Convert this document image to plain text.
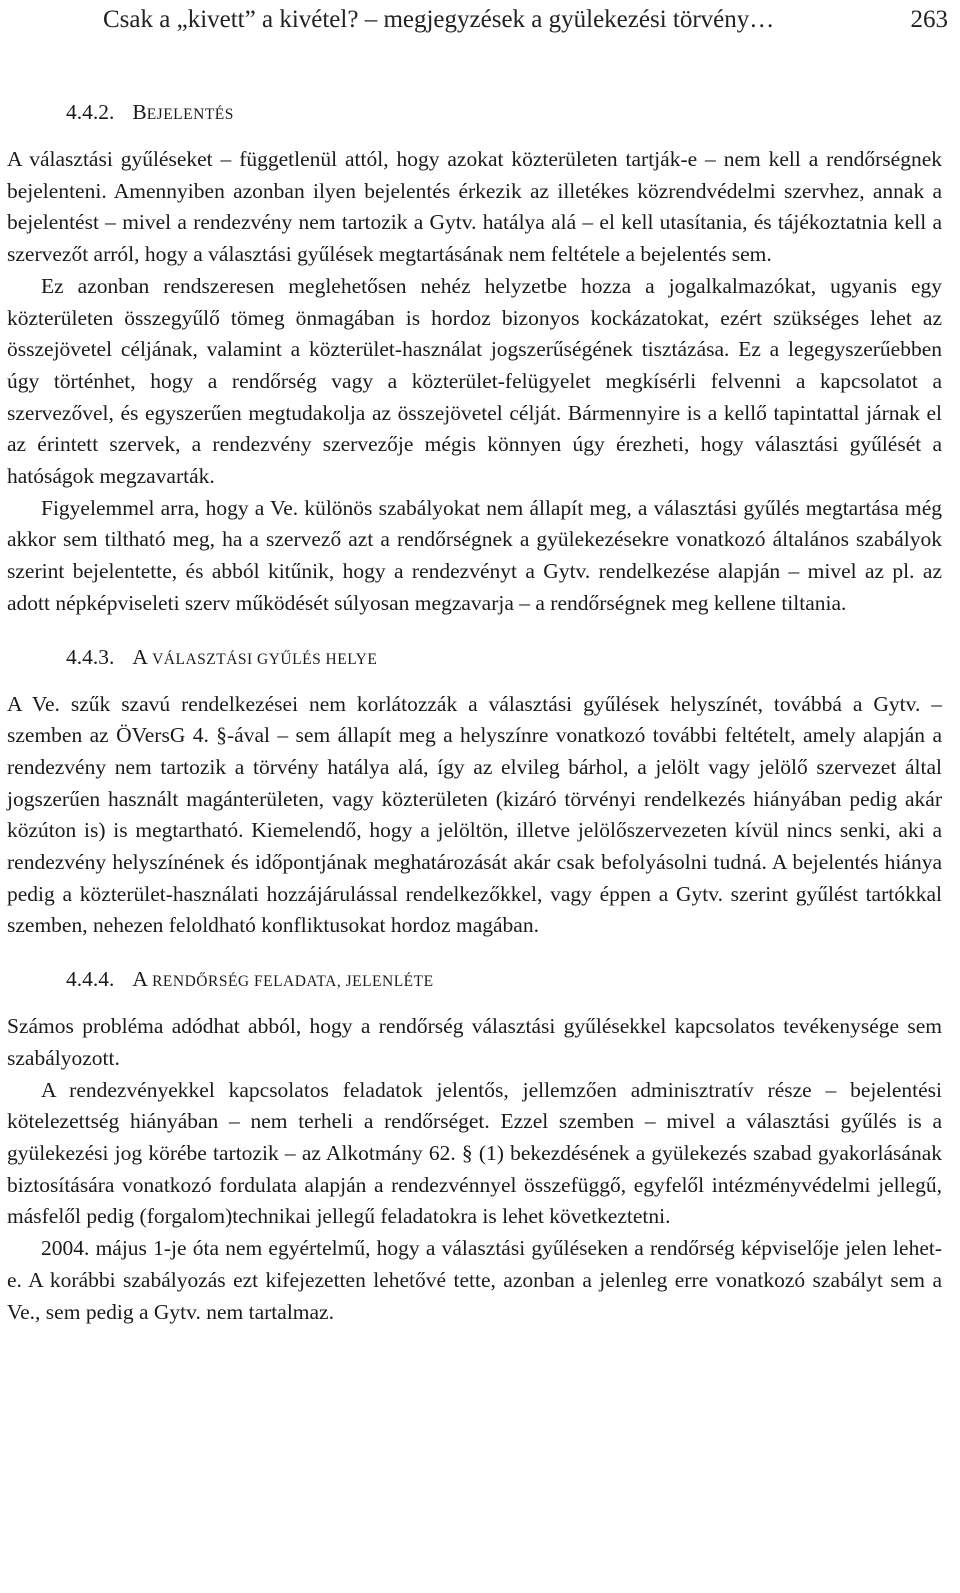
Csak a „kivett” a kivétel? – megjegyzések a gyülekezési törvény…	263
4.4.2. BEJELENTÉS

A választási gyűléseket – függetlenül attól, hogy azokat közterületen tartják-e – nem kell a rendőrségnek bejelenteni. Amennyiben azonban ilyen bejelentés érkezik az illetékes közrendvédelmi szervhez, annak a bejelentést – mivel a rendezvény nem tartozik a Gytv. hatálya alá – el kell utasítania, és tájékoztatnia kell a szervezőt arról, hogy a választási gyűlések megtartásának nem feltétele a bejelentés sem.

Ez azonban rendszeresen meglehetősen nehéz helyzetbe hozza a jogalkalmazókat, ugyanis egy közterületen összegyűlő tömeg önmagában is hordoz bizonyos kockázatokat, ezért szükséges lehet az összejövetel céljának, valamint a közterület-használat jogszerűségének tisztázása. Ez a legegyszerűebben úgy történhet, hogy a rendőrség vagy a közterület-felügyelet megkísérli felvenni a kapcsolatot a szervezővel, és egyszerűen megtudakolja az összejövetel célját. Bármennyire is a kellő tapintattal járnak el az érintett szervek, a rendezvény szervezője mégis könnyen úgy érezheti, hogy választási gyűlését a hatóságok megzavarták.

Figyelemmel arra, hogy a Ve. különös szabályokat nem állapít meg, a választási gyűlés megtartása még akkor sem tiltható meg, ha a szervező azt a rendőrségnek a gyülekezésekre vonatkozó általános szabályok szerint bejelentette, és abból kitűnik, hogy a rendezvényt a Gytv. rendelkezése alapján – mivel az pl. az adott népképviseleti szerv működését súlyosan megzavarja – a rendőrségnek meg kellene tiltania.

4.4.3. A VÁLASZTÁSI GYŰLÉS HELYE

A Ve. szűk szavú rendelkezései nem korlátozzák a választási gyűlések helyszínét, továbbá a Gytv. – szemben az ÖVersG 4. §-ával – sem állapít meg a helyszínre vonatkozó további feltételt, amely alapján a rendezvény nem tartozik a törvény hatálya alá, így az elvileg bárhol, a jelölt vagy jelölő szervezet által jogszerűen használt magánterületen, vagy közterületen (kizáró törvényi rendelkezés hiányában pedig akár közúton is) is megtartható. Kiemelendő, hogy a jelöltön, illetve jelölőszervezeten kívül nincs senki, aki a rendezvény helyszínének és időpontjának meghatározását akár csak befolyásolni tudná. A bejelentés hiánya pedig a közterület-használati hozzájárulással rendelkezőkkel, vagy éppen a Gytv. szerint gyűlést tartókkal szemben, nehezen feloldható konfliktusokat hordoz magában.

4.4.4. A RENDŐRSÉG FELADATA, JELENLÉTE

Számos probléma adódhat abból, hogy a rendőrség választási gyűlésekkel kapcsolatos tevékenysége sem szabályozott.

A rendezvényekkel kapcsolatos feladatok jelentős, jellemzően adminisztratív része – bejelentési kötelezettség hiányában – nem terheli a rendőrséget. Ezzel szemben – mivel a választási gyűlés is a gyülekezési jog körébe tartozik – az Alkotmány 62. § (1) bekezdésének a gyülekezés szabad gyakorlásának biztosítására vonatkozó fordulata alapján a rendezvénnyel összefüggő, egyfelől intézményvédelmi jellegű, másfelől pedig (forgalom)technikai jellegű feladatokra is lehet következtetni.

2004. május 1-je óta nem egyértelmű, hogy a választási gyűléseken a rendőrség képviselője jelen lehet-e. A korábbi szabályozás ezt kifejezetten lehetővé tette, azonban a jelenleg erre vonatkozó szabályt sem a Ve., sem pedig a Gytv. nem tartalmaz.
